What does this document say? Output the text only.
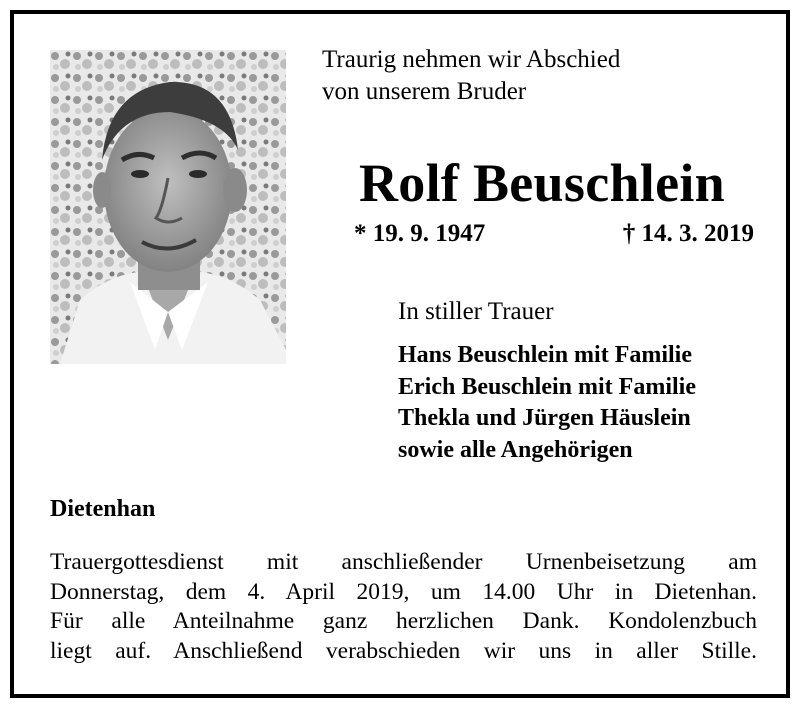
Traurig nehmen wir Abschied
von unserem Bruder
Rolf Beuschlein
* 19. 9. 1947	† 14. 3. 2019
In stiller Trauer
Hans Beuschlein mit Familie
Erich Beuschlein mit Familie
Thekla und Jürgen Häuslein
sowie alle Angehörigen
Dietenhan
Trauergottesdienst mit anschließender Urnenbeisetzung am
Donnerstag, dem 4. April 2019, um 14.00 Uhr in Dietenhan.
Für alle Anteilnahme ganz herzlichen Dank. Kondolenzbuch
liegt auf. Anschließend verabschieden wir uns in aller Stille.
